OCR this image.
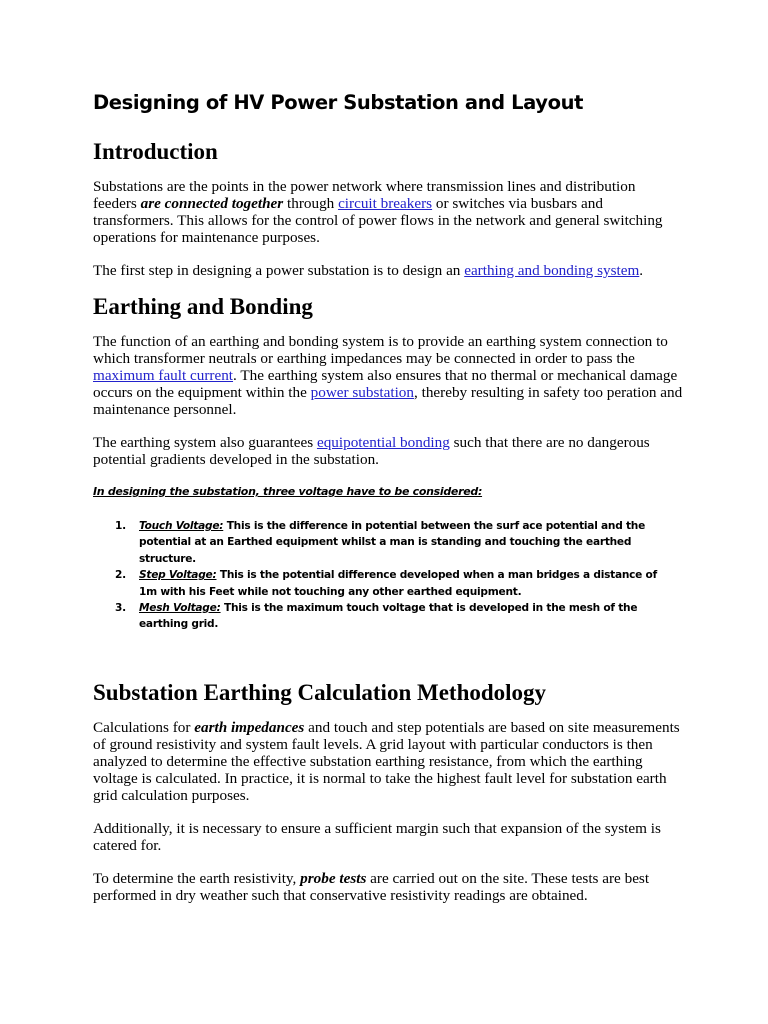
Designing of HV Power Substation and Layout
Introduction

Substations are the points in the power network where transmission lines and distribution feeders are connected together through circuit breakers or switches via busbars and transformers. This allows for the control of power flows in the network and general switching operations for maintenance purposes.

The first step in designing a power substation is to design an earthing and bonding system.

Earthing and Bonding

The function of an earthing and bonding system is to provide an earthing system connection to which transformer neutrals or earthing impedances may be connected in order to pass the maximum fault current. The earthing system also ensures that no thermal or mechanical damage occurs on the equipment within the power substation, thereby resulting in safety too peration and maintenance personnel.

The earthing system also guarantees equipotential bonding such that there are no dangerous potential gradients developed in the substation.

In designing the substation, three voltage have to be considered:

1. Touch Voltage: This is the difference in potential between the surf ace potential and the potential at an Earthed equipment whilst a man is standing and touching the earthed structure.
2. Step Voltage: This is the potential difference developed when a man bridges a distance of 1m with his Feet while not touching any other earthed equipment.
3. Mesh Voltage: This is the maximum touch voltage that is developed in the mesh of the earthing grid.
Substation Earthing Calculation Methodology

Calculations for earth impedances and touch and step potentials are based on site measurements of ground resistivity and system fault levels. A grid layout with particular conductors is then analyzed to determine the effective substation earthing resistance, from which the earthing voltage is calculated. In practice, it is normal to take the highest fault level for substation earth grid calculation purposes.

Additionally, it is necessary to ensure a sufficient margin such that expansion of the system is catered for.

To determine the earth resistivity, probe tests are carried out on the site. These tests are best performed in dry weather such that conservative resistivity readings are obtained.
